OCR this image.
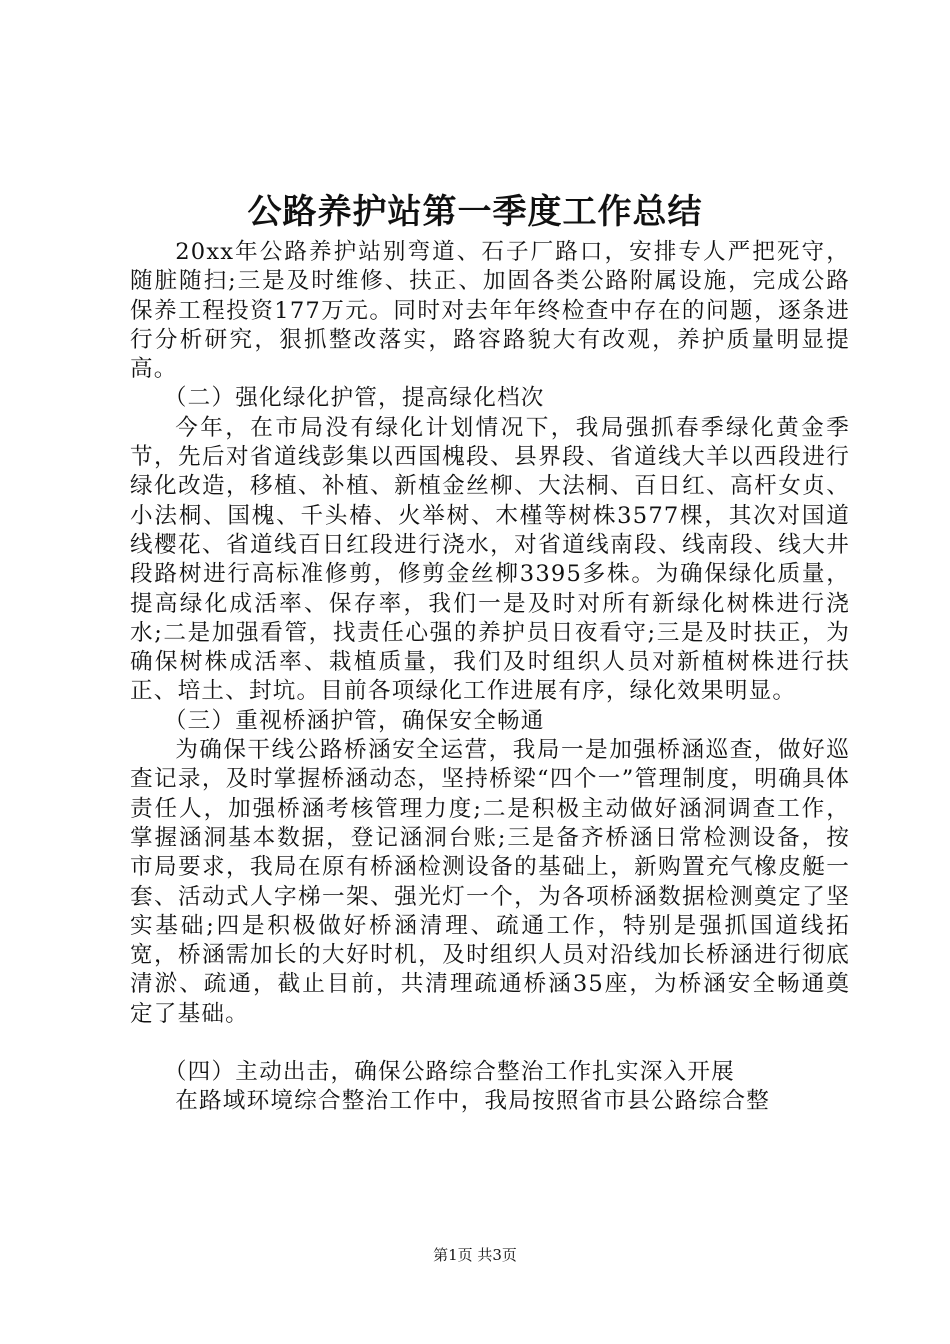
公路养护站第一季度工作总结

20xx年公路养护站别弯道、石子厂路口，安排专人严把死守，随脏随扫;三是及时维修、扶正、加固各类公路附属设施，完成公路保养工程投资177万元。同时对去年年终检查中存在的问题，逐条进行分析研究，狠抓整改落实，路容路貌大有改观，养护质量明显提高。

（二）强化绿化护管，提高绿化档次

今年，在市局没有绿化计划情况下，我局强抓春季绿化黄金季节，先后对省道线彭集以西国槐段、县界段、省道线大羊以西段进行绿化改造，移植、补植、新植金丝柳、大法桐、百日红、高杆女贞、小法桐、国槐、千头椿、火举树、木槿等树株3577棵，其次对国道线樱花、省道线百日红段进行浇水，对省道线南段、线南段、线大井段路树进行高标准修剪，修剪金丝柳3395多株。为确保绿化质量，提高绿化成活率、保存率，我们一是及时对所有新绿化树株进行浇水;二是加强看管，找责任心强的养护员日夜看守;三是及时扶正，为确保树株成活率、栽植质量，我们及时组织人员对新植树株进行扶正、培土、封坑。目前各项绿化工作进展有序，绿化效果明显。

（三）重视桥涵护管，确保安全畅通

为确保干线公路桥涵安全运营，我局一是加强桥涵巡查，做好巡查记录，及时掌握桥涵动态，坚持桥梁“四个一”管理制度，明确具体责任人，加强桥涵考核管理力度;二是积极主动做好涵洞调查工作，掌握涵洞基本数据，登记涵洞台账;三是备齐桥涵日常检测设备，按市局要求，我局在原有桥涵检测设备的基础上，新购置充气橡皮艇一套、活动式人字梯一架、强光灯一个，为各项桥涵数据检测奠定了坚实基础;四是积极做好桥涵清理、疏通工作，特别是强抓国道线拓宽，桥涵需加长的大好时机，及时组织人员对沿线加长桥涵进行彻底清淤、疏通，截止目前，共清理疏通桥涵35座，为桥涵安全畅通奠定了基础。

（四）主动出击，确保公路综合整治工作扎实深入开展

在路域环境综合整治工作中，我局按照省市县公路综合整

第1页 共3页
